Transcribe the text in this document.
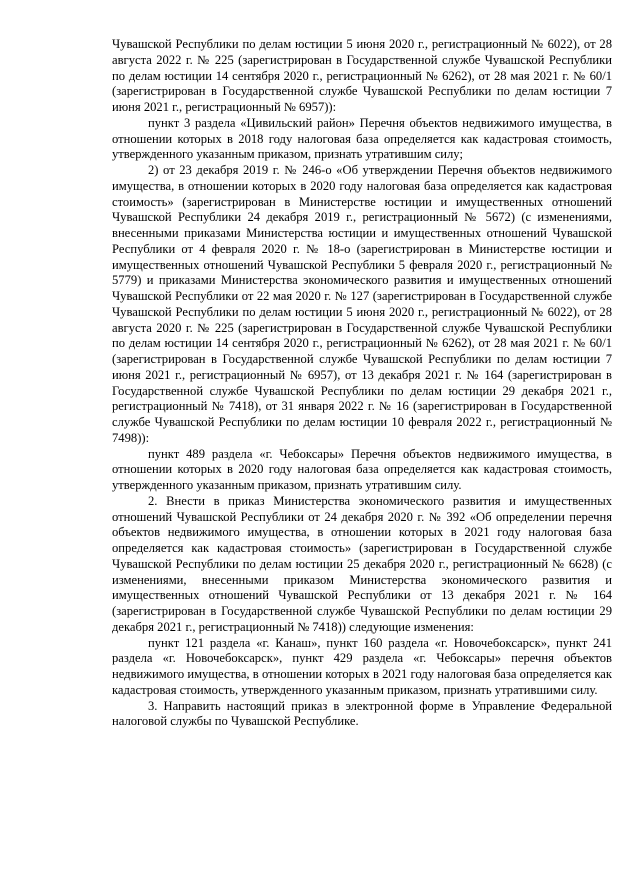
Чувашской Республики по делам юстиции 5 июня 2020 г., регистрационный № 6022), от 28 августа 2022 г. № 225 (зарегистрирован в Государственной службе Чувашской Республики по делам юстиции 14 сентября 2020 г., регистрационный № 6262), от 28 мая 2021 г. № 60/1 (зарегистрирован в Государственной службе Чувашской Республики по делам юстиции 7 июня 2021 г., регистрационный № 6957)):

пункт 3 раздела «Цивильский район» Перечня объектов недвижимого имущества, в отношении которых в 2018 году налоговая база определяется как кадастровая стоимость, утвержденного указанным приказом, признать утратившим силу;

2) от 23 декабря 2019 г. № 246-о «Об утверждении Перечня объектов недвижимого имущества, в отношении которых в 2020 году налоговая база определяется как кадастровая стоимость» (зарегистрирован в Министерстве юстиции и имущественных отношений Чувашской Республики 24 декабря 2019 г., регистрационный № 5672) (с изменениями, внесенными приказами Министерства юстиции и имущественных отношений Чувашской Республики от 4 февраля 2020 г. № 18-о (зарегистрирован в Министерстве юстиции и имущественных отношений Чувашской Республики 5 февраля 2020 г., регистрационный № 5779) и приказами Министерства экономического развития и имущественных отношений Чувашской Республики от 22 мая 2020 г. № 127 (зарегистрирован в Государственной службе Чувашской Республики по делам юстиции 5 июня 2020 г., регистрационный № 6022), от 28 августа 2020 г. № 225 (зарегистрирован в Государственной службе Чувашской Республики по делам юстиции 14 сентября 2020 г., регистрационный № 6262), от 28 мая 2021 г. № 60/1 (зарегистрирован в Государственной службе Чувашской Республики по делам юстиции 7 июня 2021 г., регистрационный № 6957), от 13 декабря 2021 г. № 164 (зарегистрирован в Государственной службе Чувашской Республики по делам юстиции 29 декабря 2021 г., регистрационный № 7418), от 31 января 2022 г. № 16 (зарегистрирован в Государственной службе Чувашской Республики по делам юстиции 10 февраля 2022 г., регистрационный № 7498)):

пункт 489 раздела «г. Чебоксары» Перечня объектов недвижимого имущества, в отношении которых в 2020 году налоговая база определяется как кадастровая стоимость, утвержденного указанным приказом, признать утратившим силу.

2. Внести в приказ Министерства экономического развития и имущественных отношений Чувашской Республики от 24 декабря 2020 г. № 392 «Об определении перечня объектов недвижимого имущества, в отношении которых в 2021 году налоговая база определяется как кадастровая стоимость» (зарегистрирован в Государственной службе Чувашской Республики по делам юстиции 25 декабря 2020 г., регистрационный № 6628) (с изменениями, внесенными приказом Министерства экономического развития и имущественных отношений Чувашской Республики от 13 декабря 2021 г. № 164 (зарегистрирован в Государственной службе Чувашской Республики по делам юстиции 29 декабря 2021 г., регистрационный № 7418)) следующие изменения:

пункт 121 раздела «г. Канаш», пункт 160 раздела «г. Новочебоксарск», пункт 241 раздела «г. Новочебоксарск», пункт 429 раздела «г. Чебоксары» перечня объектов недвижимого имущества, в отношении которых в 2021 году налоговая база определяется как кадастровая стоимость, утвержденного указанным приказом, признать утратившими силу.

3. Направить настоящий приказ в электронной форме в Управление Федеральной налоговой службы по Чувашской Республике.
